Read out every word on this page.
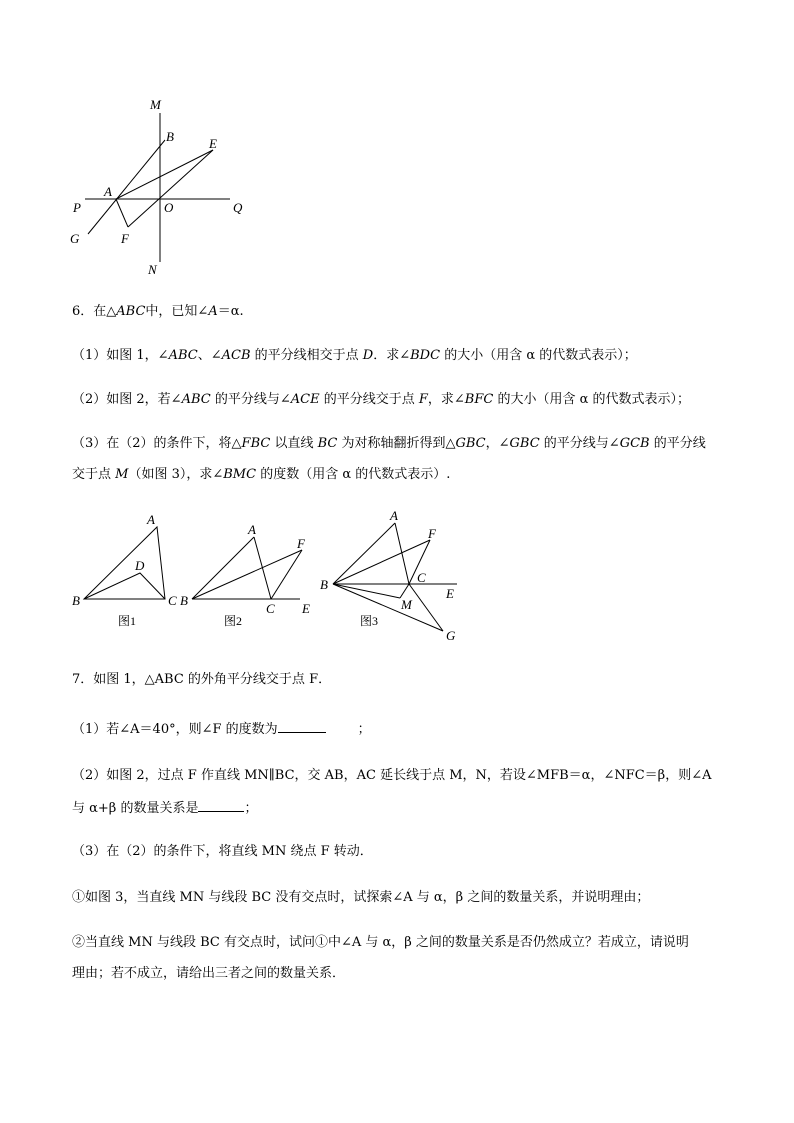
M
B	E
A
P	O	Q
G	F
N
6．在△ABC中，已知∠A＝α.
（1）如图 1，∠ABC、∠ACB 的平分线相交于点 D．求∠BDC 的大小（用含 α 的代数式表示）；
（2）如图 2，若∠ABC 的平分线与∠ACE 的平分线交于点 F，求∠BFC 的大小（用含 α 的代数式表示）；
（3）在（2）的条件下，将△FBC 以直线 BC 为对称轴翻折得到△GBC，∠GBC 的平分线与∠GCB 的平分线
交于点 M（如图 3），求∠BMC 的度数（用含 α 的代数式表示）.
A
D
B	C
图1
A
F
B
C E
图2
A
F
B	C
M
E
G
图3
7．如图 1，△ABC 的外角平分线交于点 F．
（1）若∠A＝40°，则∠F 的度数为	；
（2）如图 2，过点 F 作直线 MN∥BC，交 AB，AC 延长线于点 M，N，若设∠MFB＝α，∠NFC＝β，则∠A
与 α+β 的数量关系是	；
（3）在（2）的条件下，将直线 MN 绕点 F 转动．
①如图 3，当直线 MN 与线段 BC 没有交点时，试探索∠A 与 α，β 之间的数量关系，并说明理由；
②当直线 MN 与线段 BC 有交点时，试问①中∠A 与 α，β 之间的数量关系是否仍然成立？若成立，请说明
理由；若不成立，请给出三者之间的数量关系．
